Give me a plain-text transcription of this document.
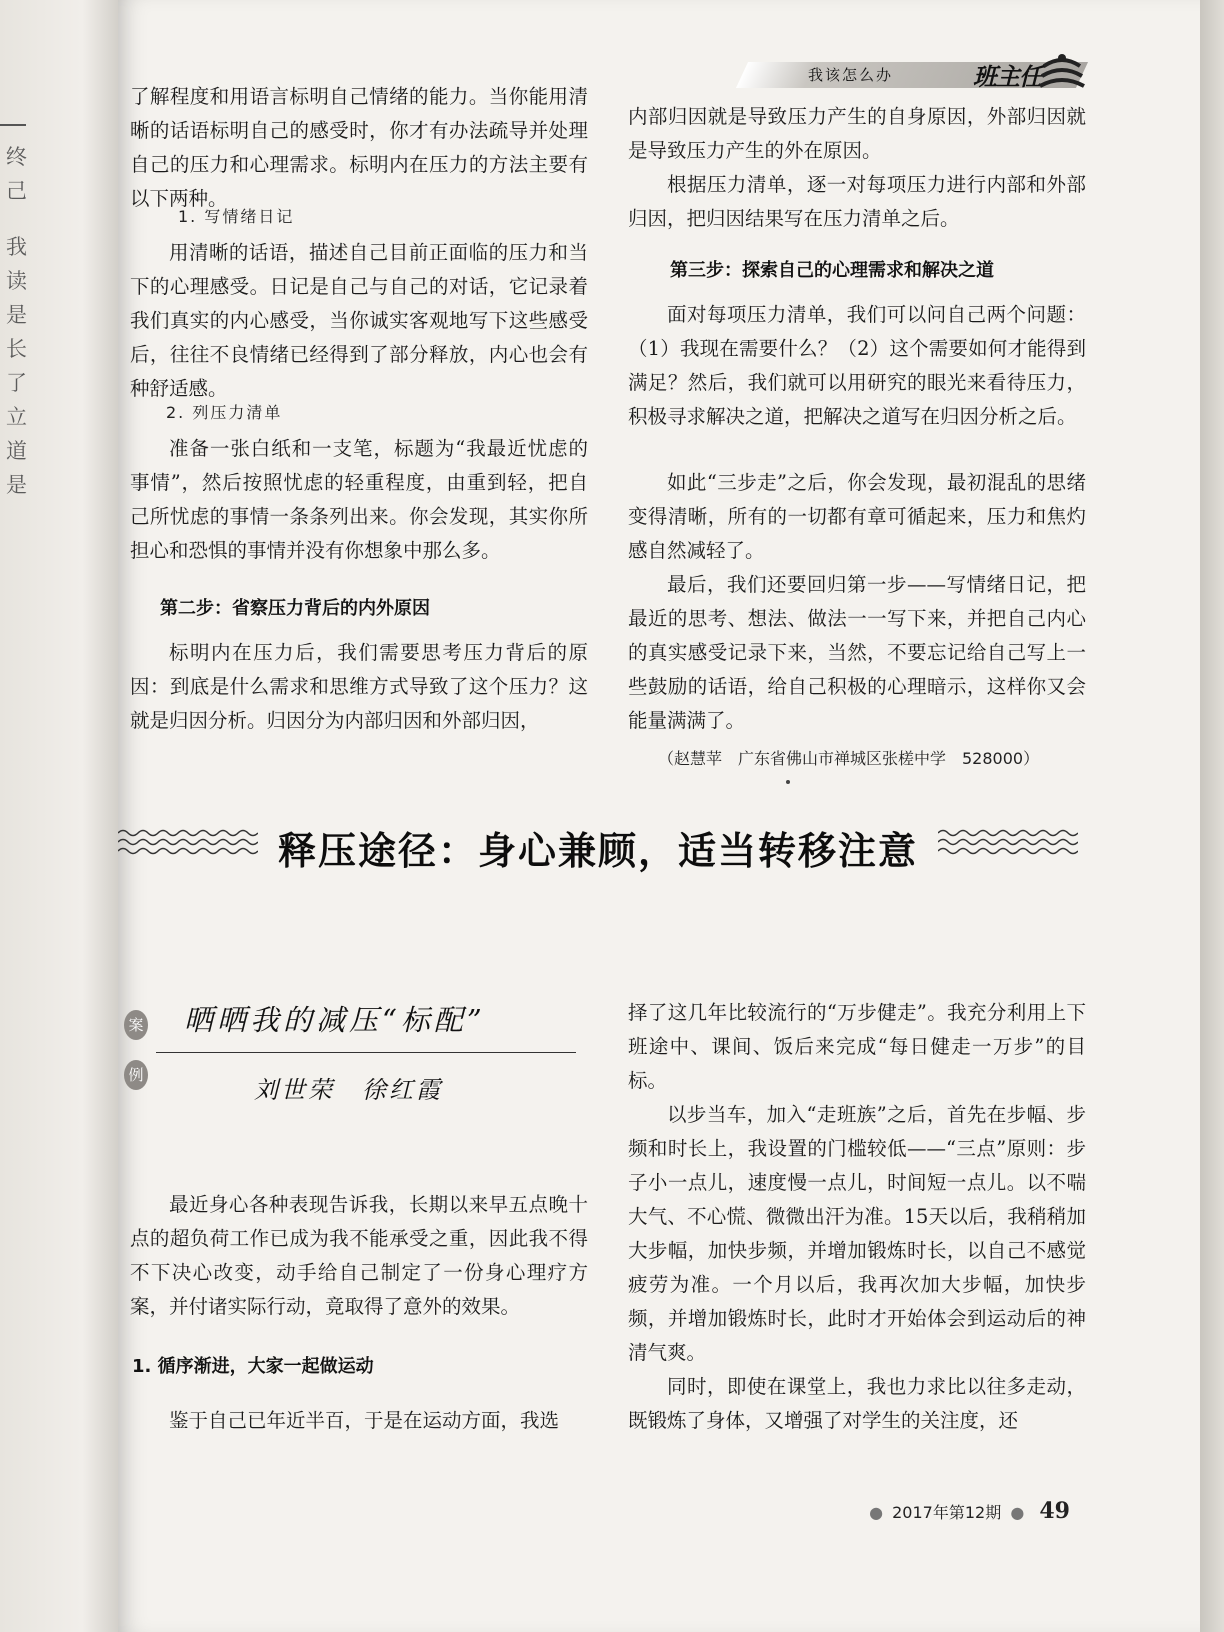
终
己
我
读
是
长
了
立
道
是
我该怎么办	班主任

了解程度和用语言标明自己情绪的能力。当你能用清晰的话语标明自己的感受时，你才有办法疏导并处理自己的压力和心理需求。标明内在压力的方法主要有以下两种。

1. 写情绪日记

用清晰的话语，描述自己目前正面临的压力和当下的心理感受。日记是自己与自己的对话，它记录着我们真实的内心感受，当你诚实客观地写下这些感受后，往往不良情绪已经得到了部分释放，内心也会有种舒适感。

2. 列压力清单

准备一张白纸和一支笔，标题为“我最近忧虑的事情”，然后按照忧虑的轻重程度，由重到轻，把自己所忧虑的事情一条条列出来。你会发现，其实你所担心和恐惧的事情并没有你想象中那么多。

第二步：省察压力背后的内外原因

标明内在压力后，我们需要思考压力背后的原因：到底是什么需求和思维方式导致了这个压力？这就是归因分析。归因分为内部归因和外部归因，

内部归因就是导致压力产生的自身原因，外部归因就是导致压力产生的外在原因。

根据压力清单，逐一对每项压力进行内部和外部归因，把归因结果写在压力清单之后。

第三步：探索自己的心理需求和解决之道

面对每项压力清单，我们可以问自己两个问题：（1）我现在需要什么？（2）这个需要如何才能得到满足？然后，我们就可以用研究的眼光来看待压力，积极寻求解决之道，把解决之道写在归因分析之后。

如此“三步走”之后，你会发现，最初混乱的思绪变得清晰，所有的一切都有章可循起来，压力和焦灼感自然减轻了。

最后，我们还要回归第一步——写情绪日记，把最近的思考、想法、做法一一写下来，并把自己内心的真实感受记录下来，当然，不要忘记给自己写上一些鼓励的话语，给自己积极的心理暗示，这样你又会能量满满了。

（赵慧苹　广东省佛山市禅城区张槎中学　528000）
释压途径：身心兼顾，适当转移注意
案
例
晒晒我的减压“标配”
刘世荣　徐红霞

最近身心各种表现告诉我，长期以来早五点晚十点的超负荷工作已成为我不能承受之重，因此我不得不下决心改变，动手给自己制定了一份身心理疗方案，并付诸实际行动，竟取得了意外的效果。

1. 循序渐进，大家一起做运动

鉴于自己已年近半百，于是在运动方面，我选

择了这几年比较流行的“万步健走”。我充分利用上下班途中、课间、饭后来完成“每日健走一万步”的目标。

以步当车，加入“走班族”之后，首先在步幅、步频和时长上，我设置的门槛较低——“三点”原则：步子小一点儿，速度慢一点儿，时间短一点儿。以不喘大气、不心慌、微微出汗为准。15天以后，我稍稍加大步幅，加快步频，并增加锻炼时长，以自己不感觉疲劳为准。一个月以后，我再次加大步幅，加快步频，并增加锻炼时长，此时才开始体会到运动后的神清气爽。

同时，即使在课堂上，我也力求比以往多走动，既锻炼了身体，又增强了对学生的关注度，还

● 2017年第12期 ● 49
